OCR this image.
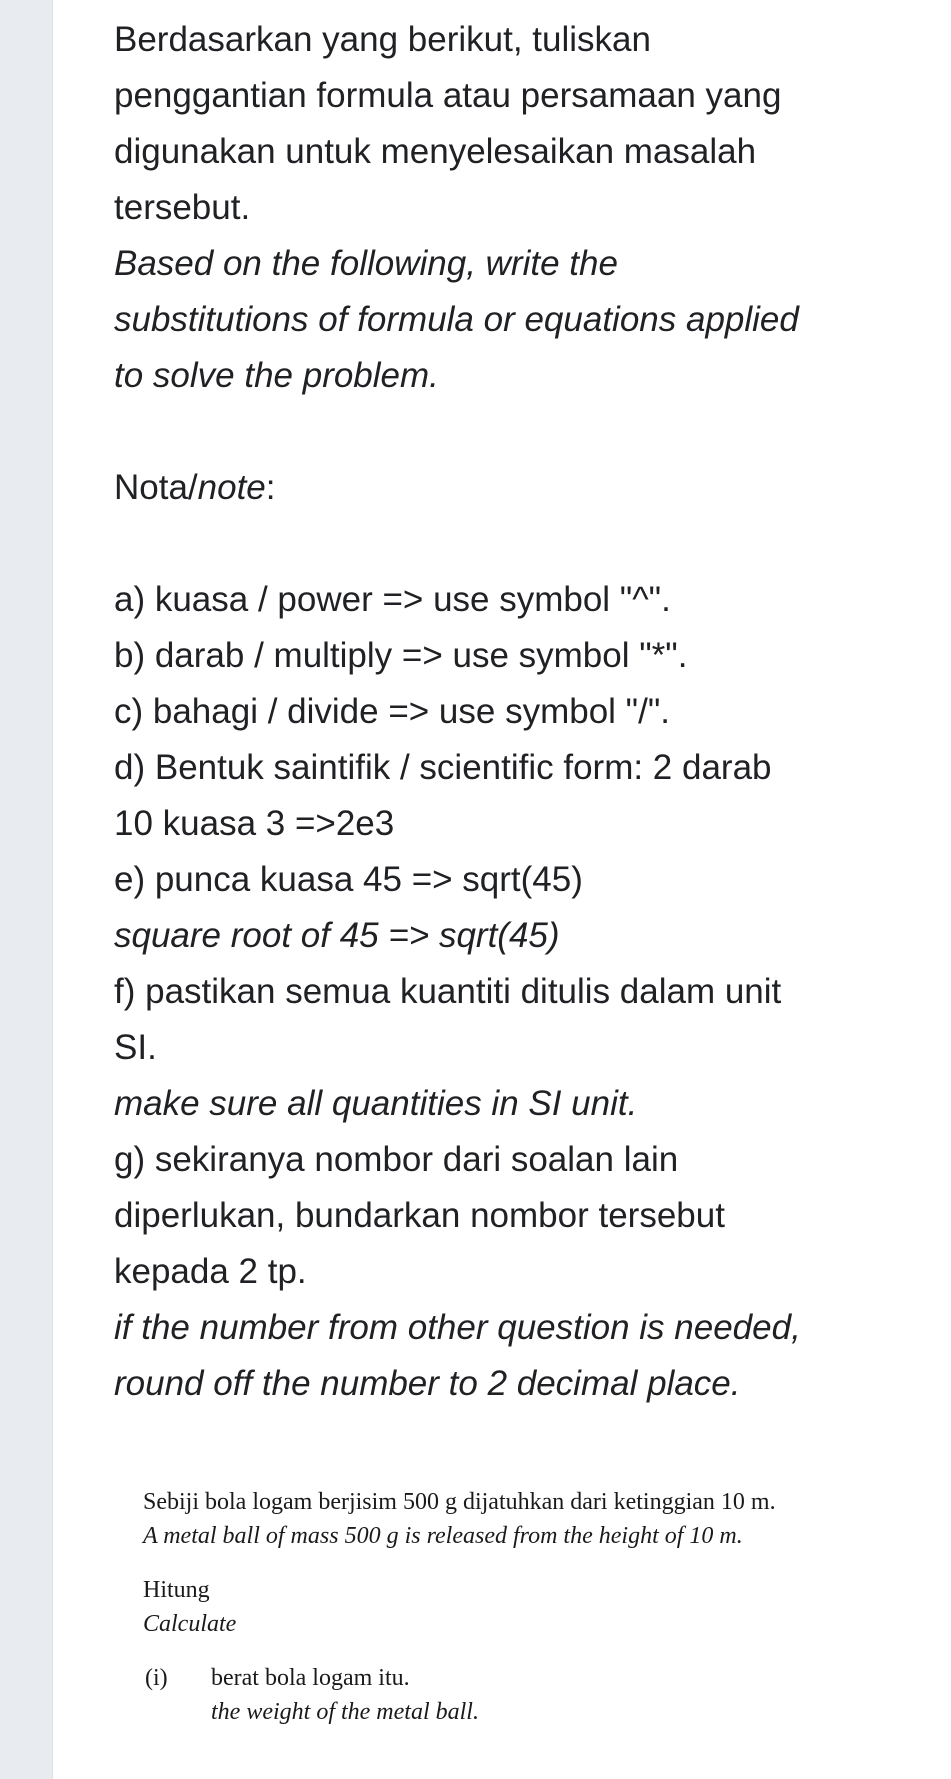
Berdasarkan yang berikut, tuliskan

penggantian formula atau persamaan yang

digunakan untuk menyelesaikan masalah

tersebut.

Based on the following, write the

substitutions of formula or equations applied

to solve the problem.

Nota/note:

a) kuasa / power => use symbol "^".

b) darab / multiply => use symbol "*".

c) bahagi / divide => use symbol "/".

d) Bentuk saintifik / scientific form: 2 darab

10 kuasa 3 =>2e3

e) punca kuasa 45 => sqrt(45)

square root of 45 => sqrt(45)

f) pastikan semua kuantiti ditulis dalam unit

SI.

make sure all quantities in SI unit.

g) sekiranya nombor dari soalan lain

diperlukan, bundarkan nombor tersebut

kepada 2 tp.

if the number from other question is needed,

round off the number to 2 decimal place.

Sebiji bola logam berjisim 500 g dijatuhkan dari ketinggian 10 m.

A metal ball of mass 500 g is released from the height of 10 m.

Hitung

Calculate

(i) berat bola logam itu.

the weight of the metal ball.
